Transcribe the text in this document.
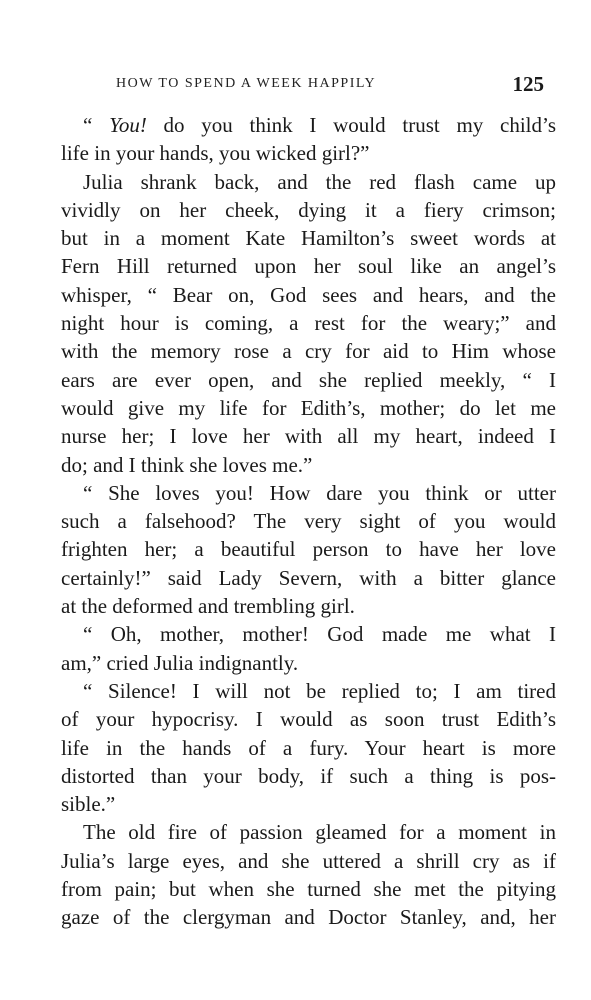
HOW TO SPEND A WEEK HAPPILY	125
“ You! do you think I would trust my child’s
life in your hands, you wicked girl?”
Julia shrank back, and the red flash came up
vividly on her cheek, dying it a fiery crimson;
but in a moment Kate Hamilton’s sweet words at
Fern Hill returned upon her soul like an angel’s
whisper, “ Bear on, God sees and hears, and the
night hour is coming, a rest for the weary;” and
with the memory rose a cry for aid to Him whose
ears are ever open, and she replied meekly, “ I
would give my life for Edith’s, mother; do let me
nurse her; I love her with all my heart, indeed I
do; and I think she loves me.”
“ She loves you! How dare you think or utter
such a falsehood? The very sight of you would
frighten her; a beautiful person to have her love
certainly!” said Lady Severn, with a bitter glance
at the deformed and trembling girl.
“ Oh, mother, mother! God made me what I
am,” cried Julia indignantly.
“ Silence! I will not be replied to; I am tired
of your hypocrisy. I would as soon trust Edith’s
life in the hands of a fury. Your heart is more
distorted than your body, if such a thing is pos-
sible.”
The old fire of passion gleamed for a moment in
Julia’s large eyes, and she uttered a shrill cry as if
from pain; but when she turned she met the pitying
gaze of the clergyman and Doctor Stanley, and, her
